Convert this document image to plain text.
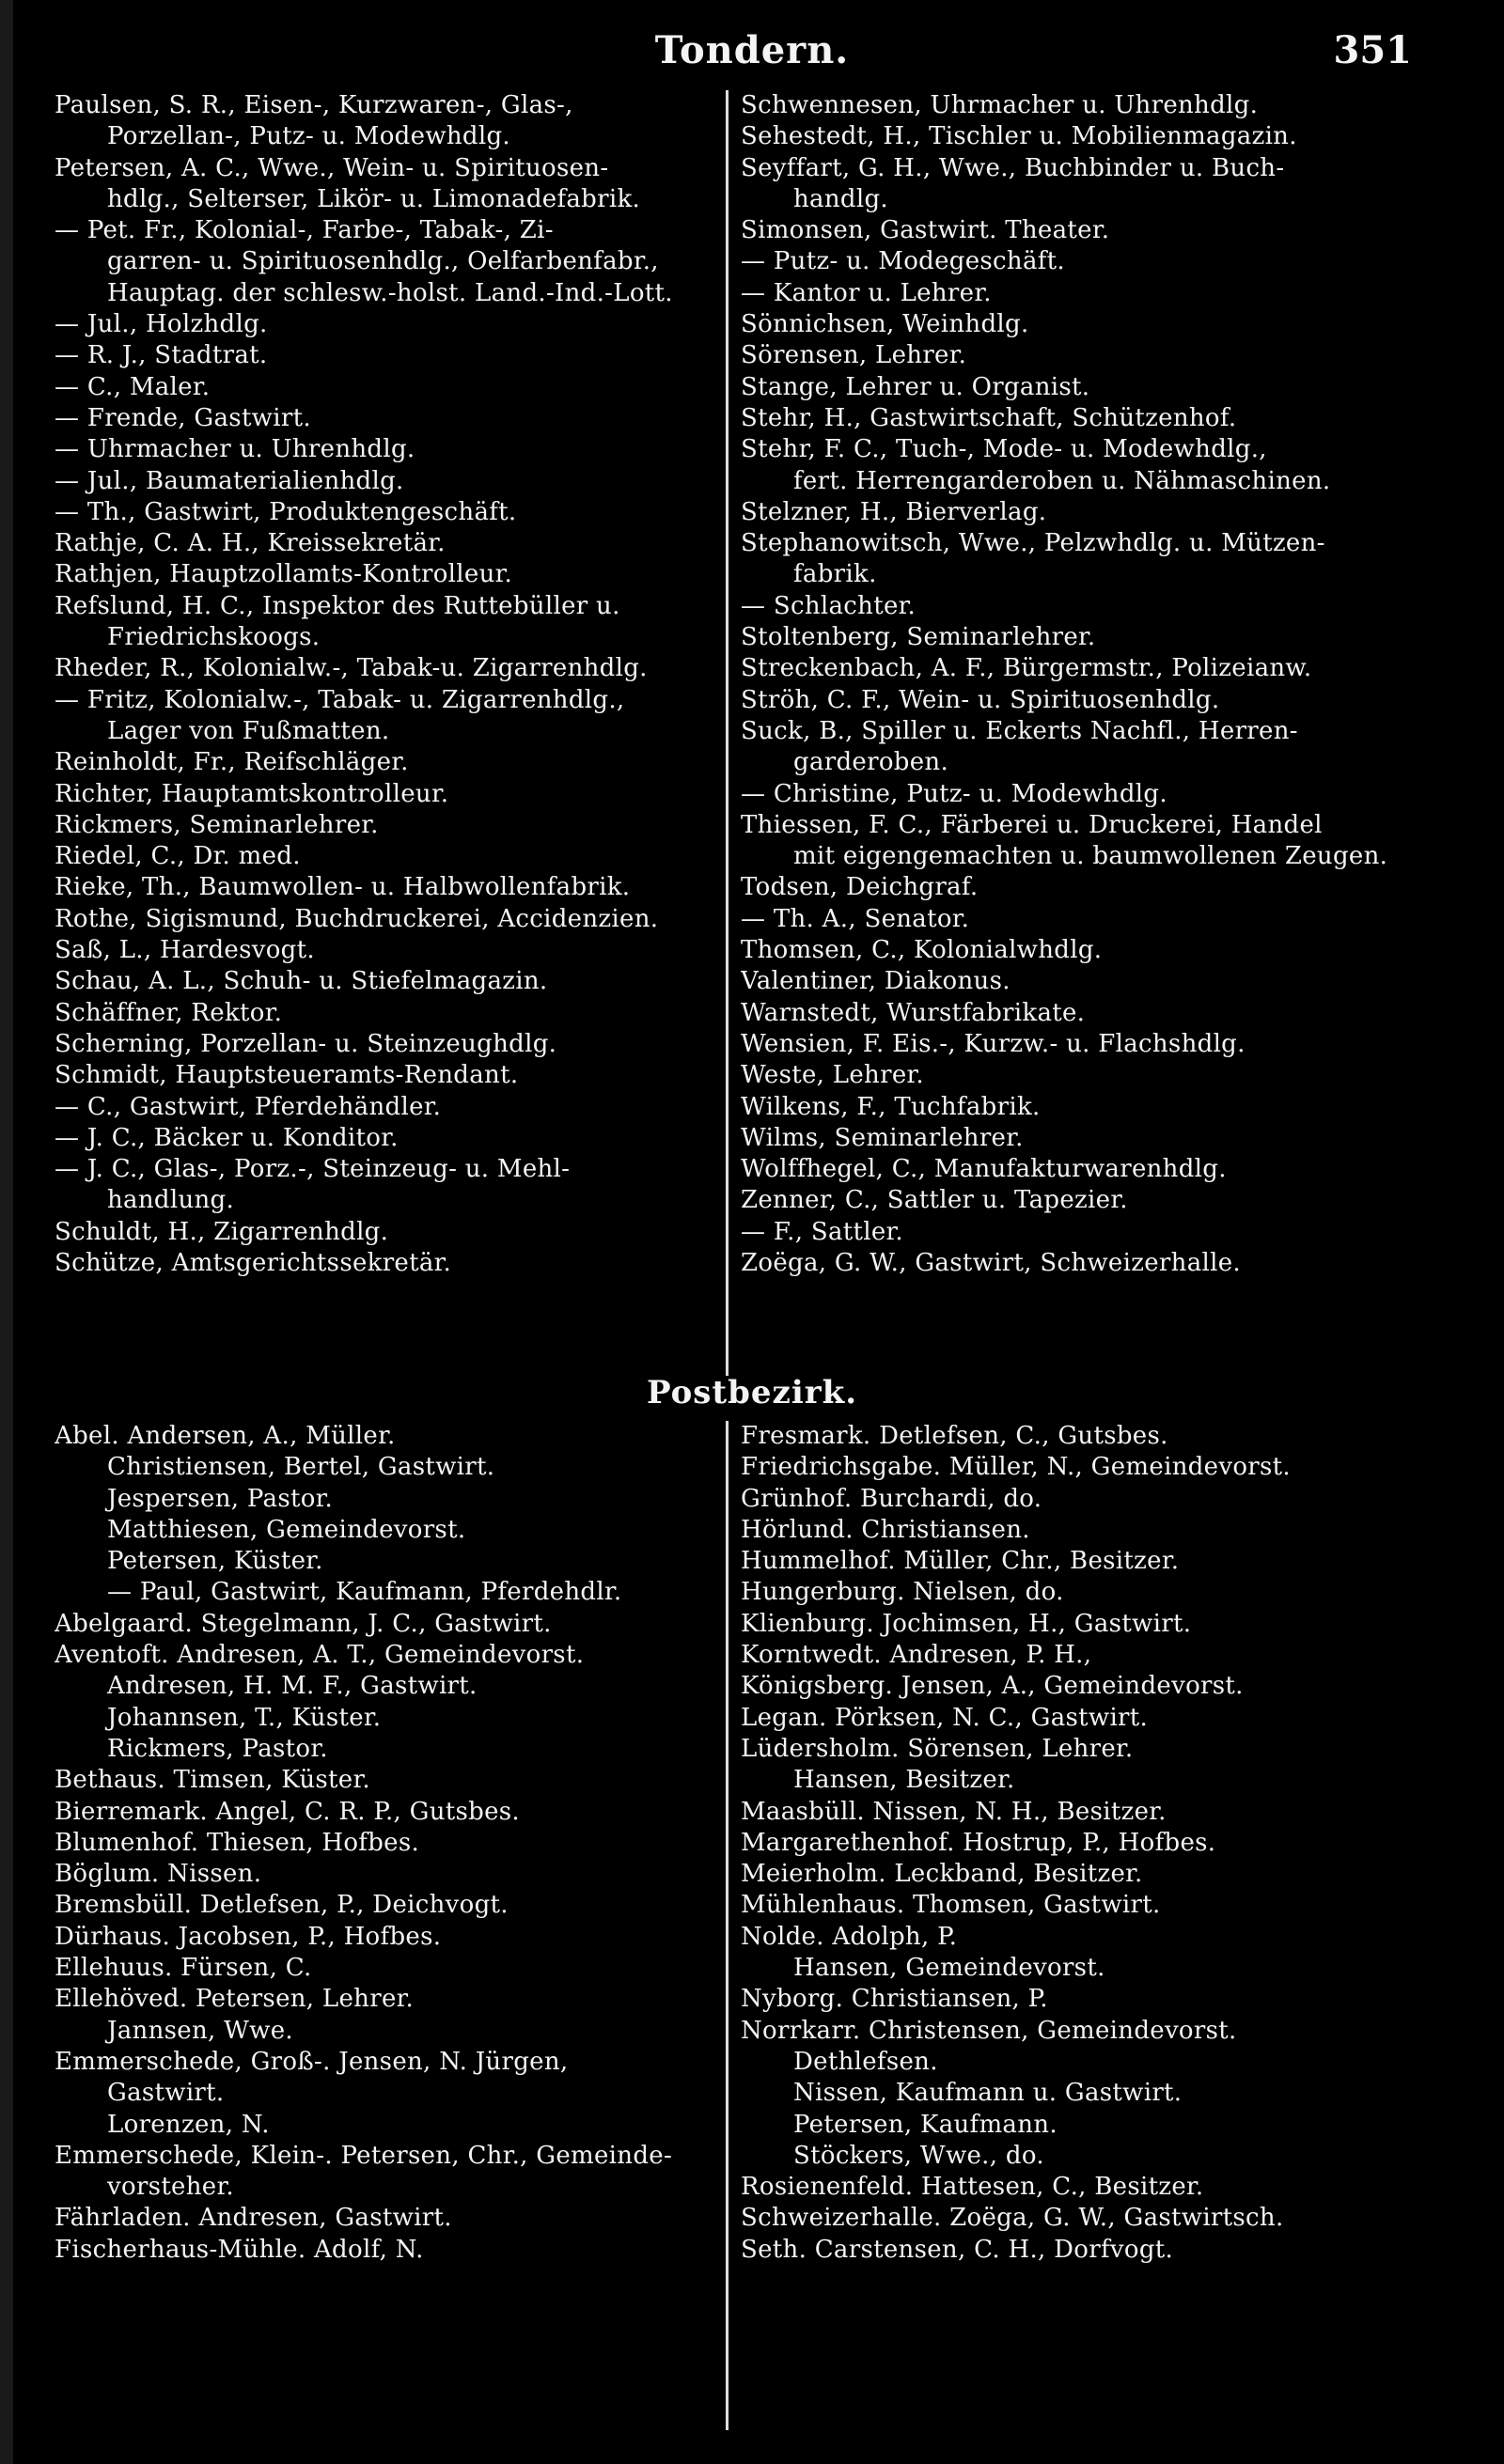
Tondern.	351
Paulsen, S. R., Eisen-, Kurzwaren-, Glas-,
Porzellan-, Putz- u. Modewhdlg.
Petersen, A. C., Wwe., Wein- u. Spirituosen-
hdlg., Selterser, Likör- u. Limonadefabrik.
— Pet. Fr., Kolonial-, Farbe-, Tabak-, Zi-
garren- u. Spirituosenhdlg., Oelfarbenfabr.,
Hauptag. der schlesw.-holst. Land.-Ind.-Lott.
— Jul., Holzhdlg.
— R. J., Stadtrat.
— C., Maler.
— Frende, Gastwirt.
— Uhrmacher u. Uhrenhdlg.
— Jul., Baumaterialienhdlg.
— Th., Gastwirt, Produktengeschäft.
Rathje, C. A. H., Kreissekretär.
Rathjen, Hauptzollamts-Kontrolleur.
Refslund, H. C., Inspektor des Ruttebüller u.
Friedrichskoogs.
Rheder, R., Kolonialw.-, Tabak-u. Zigarrenhdlg.
— Fritz, Kolonialw.-, Tabak- u. Zigarrenhdlg.,
Lager von Fußmatten.
Reinholdt, Fr., Reifschläger.
Richter, Hauptamtskontrolleur.
Rickmers, Seminarlehrer.
Riedel, C., Dr. med.
Rieke, Th., Baumwollen- u. Halbwollenfabrik.
Rothe, Sigismund, Buchdruckerei, Accidenzien.
Saß, L., Hardesvogt.
Schau, A. L., Schuh- u. Stiefelmagazin.
Schäffner, Rektor.
Scherning, Porzellan- u. Steinzeughdlg.
Schmidt, Hauptsteueramts-Rendant.
— C., Gastwirt, Pferdehändler.
— J. C., Bäcker u. Konditor.
— J. C., Glas-, Porz.-, Steinzeug- u. Mehl-
handlung.
Schuldt, H., Zigarrenhdlg.
Schütze, Amtsgerichtssekretär.
Schwennesen, Uhrmacher u. Uhrenhdlg.
Sehestedt, H., Tischler u. Mobilienmagazin.
Seyffart, G. H., Wwe., Buchbinder u. Buch-
handlg.
Simonsen, Gastwirt. Theater.
— Putz- u. Modegeschäft.
— Kantor u. Lehrer.
Sönnichsen, Weinhdlg.
Sörensen, Lehrer.
Stange, Lehrer u. Organist.
Stehr, H., Gastwirtschaft, Schützenhof.
Stehr, F. C., Tuch-, Mode- u. Modewhdlg.,
fert. Herrengarderoben u. Nähmaschinen.
Stelzner, H., Bierverlag.
Stephanowitsch, Wwe., Pelzwhdlg. u. Mützen-
fabrik.
— Schlachter.
Stoltenberg, Seminarlehrer.
Streckenbach, A. F., Bürgermstr., Polizeianw.
Ströh, C. F., Wein- u. Spirituosenhdlg.
Suck, B., Spiller u. Eckerts Nachfl., Herren-
garderoben.
— Christine, Putz- u. Modewhdlg.
Thiessen, F. C., Färberei u. Druckerei, Handel
mit eigengemachten u. baumwollenen Zeugen.
Todsen, Deichgraf.
— Th. A., Senator.
Thomsen, C., Kolonialwhdlg.
Valentiner, Diakonus.
Warnstedt, Wurstfabrikate.
Wensien, F. Eis.-, Kurzw.- u. Flachshdlg.
Weste, Lehrer.
Wilkens, F., Tuchfabrik.
Wilms, Seminarlehrer.
Wolffhegel, C., Manufakturwarenhdlg.
Zenner, C., Sattler u. Tapezier.
— F., Sattler.
Zoëga, G. W., Gastwirt, Schweizerhalle.
Postbezirk.
Abel. Andersen, A., Müller.
Christiensen, Bertel, Gastwirt.
Jespersen, Pastor.
Matthiesen, Gemeindevorst.
Petersen, Küster.
— Paul, Gastwirt, Kaufmann, Pferdehdlr.
Abelgaard. Stegelmann, J. C., Gastwirt.
Aventoft. Andresen, A. T., Gemeindevorst.
Andresen, H. M. F., Gastwirt.
Johannsen, T., Küster.
Rickmers, Pastor.
Bethaus. Timsen, Küster.
Bierremark. Angel, C. R. P., Gutsbes.
Blumenhof. Thiesen, Hofbes.
Böglum. Nissen.
Bremsbüll. Detlefsen, P., Deichvogt.
Dürhaus. Jacobsen, P., Hofbes.
Ellehuus. Fürsen, C.
Ellehöved. Petersen, Lehrer.
Jannsen, Wwe.
Emmerschede, Groß-. Jensen, N. Jürgen,
Gastwirt.
Lorenzen, N.
Emmerschede, Klein-. Petersen, Chr., Gemeinde-
vorsteher.
Fährladen. Andresen, Gastwirt.
Fischerhaus-Mühle. Adolf, N.
Fresmark. Detlefsen, C., Gutsbes.
Friedrichsgabe. Müller, N., Gemeindevorst.
Grünhof. Burchardi, do.
Hörlund. Christiansen.
Hummelhof. Müller, Chr., Besitzer.
Hungerburg. Nielsen, do.
Klienburg. Jochimsen, H., Gastwirt.
Korntwedt. Andresen, P. H.,
Königsberg. Jensen, A., Gemeindevorst.
Legan. Pörksen, N. C., Gastwirt.
Lüdersholm. Sörensen, Lehrer.
Hansen, Besitzer.
Maasbüll. Nissen, N. H., Besitzer.
Margarethenhof. Hostrup, P., Hofbes.
Meierholm. Leckband, Besitzer.
Mühlenhaus. Thomsen, Gastwirt.
Nolde. Adolph, P.
Hansen, Gemeindevorst.
Nyborg. Christiansen, P.
Norrkarr. Christensen, Gemeindevorst.
Dethlefsen.
Nissen, Kaufmann u. Gastwirt.
Petersen, Kaufmann.
Stöckers, Wwe., do.
Rosienenfeld. Hattesen, C., Besitzer.
Schweizerhalle. Zoëga, G. W., Gastwirtsch.
Seth. Carstensen, C. H., Dorfvogt.
